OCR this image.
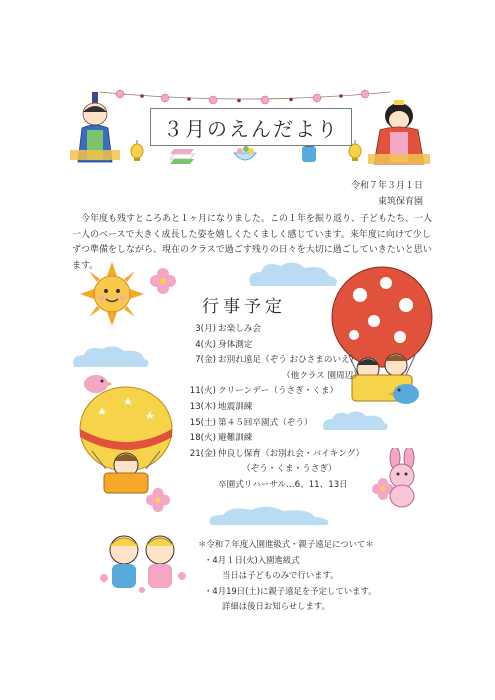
３月のえんだより
令和７年３月１日
東筑保育園
今年度も残すところあと１ヶ月になりました。この１年を振り返り、子どもたち、一人一人のベースで大きく成長した姿を嬉しくたくましく感じています。来年度に向けて少しずつ準備をしながら、現在のクラスで過ごす残りの日々を大切に過ごしていきたいと思います。
行事予定
3(月) お楽しみ会
4(火) 身体測定
7(金) お別れ遠足（ぞう おひさまのいえ）
（他クラス 園周辺）
11(火) クリーンデー（うさぎ・くま）
13(木) 地震訓練
15(土) 第４５回卒園式（ぞう）
18(火) 避難訓練
21(金) 仲良し保育（お別れ会・バイキング）
（ぞう・くま・うさぎ）
卒園式リハーサル…6、11、13日
＊令和７年度入園進級式・親子遠足について＊
・4月１日(火)入園進級式
当日は子どものみで行います。
・4月19日(土)に親子遠足を予定しています。
詳細は後日お知らせします。
